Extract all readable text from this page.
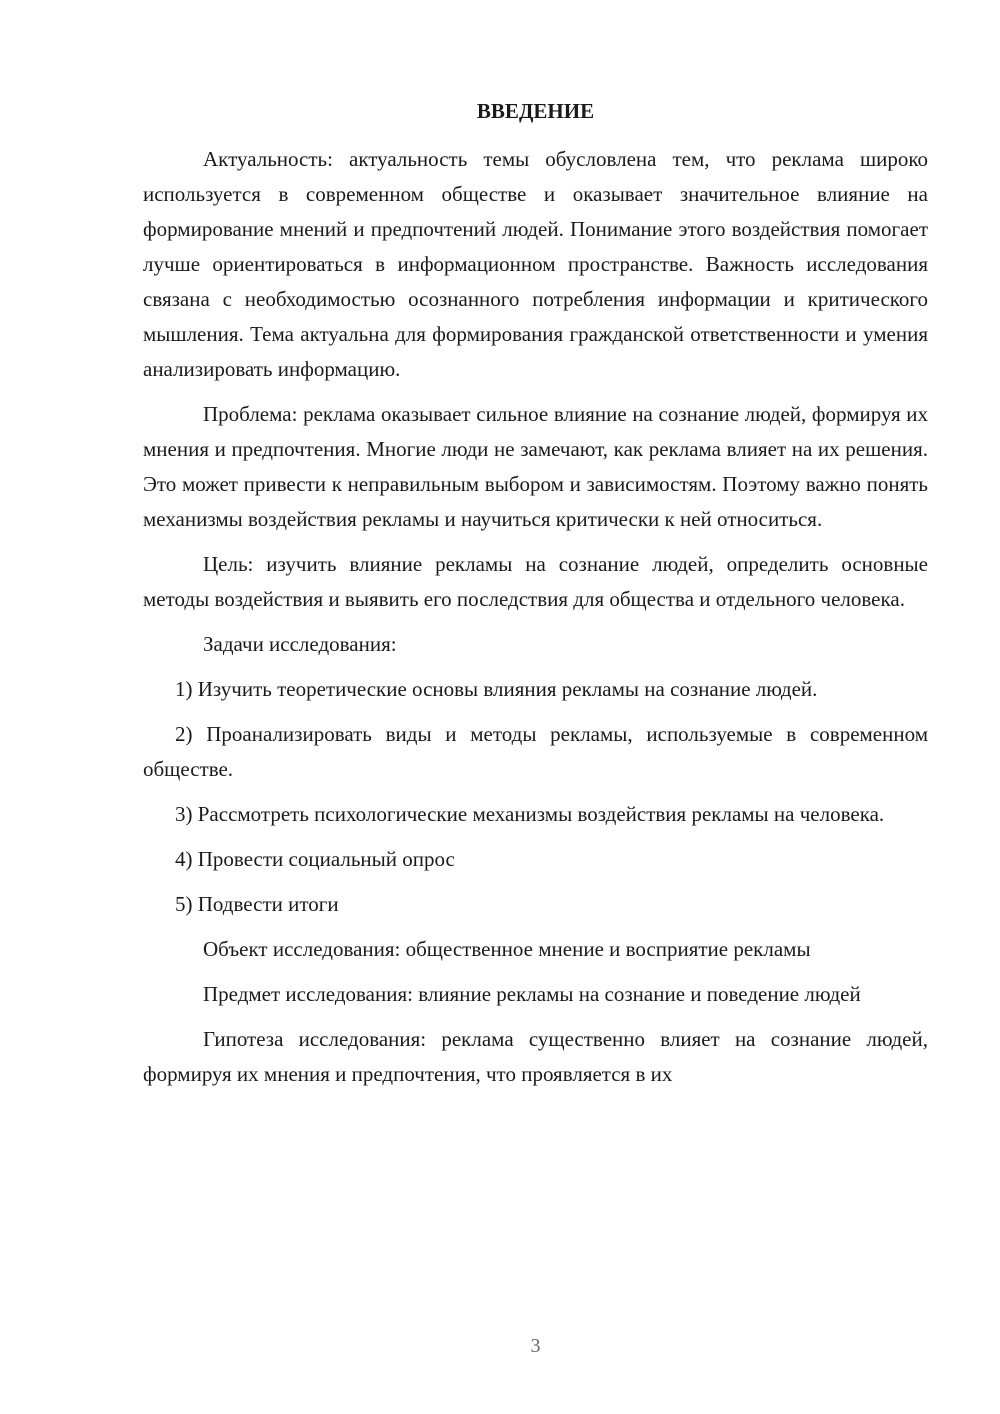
ВВЕДЕНИЕ

Актуальность: актуальность темы обусловлена тем, что реклама широко используется в современном обществе и оказывает значительное влияние на формирование мнений и предпочтений людей. Понимание этого воздействия помогает лучше ориентироваться в информационном пространстве. Важность исследования связана с необходимостью осознанного потребления информации и критического мышления. Тема актуальна для формирования гражданской ответственности и умения анализировать информацию.

Проблема: реклама оказывает сильное влияние на сознание людей, формируя их мнения и предпочтения. Многие люди не замечают, как реклама влияет на их решения. Это может привести к неправильным выбором и зависимостям. Поэтому важно понять механизмы воздействия рекламы и научиться критически к ней относиться.

Цель: изучить влияние рекламы на сознание людей, определить основные методы воздействия и выявить его последствия для общества и отдельного человека.

Задачи исследования:

1) Изучить теоретические основы влияния рекламы на сознание людей.

2) Проанализировать виды и методы рекламы, используемые в современном обществе.

3) Рассмотреть психологические механизмы воздействия рекламы на человека.

4) Провести социальный опрос

5) Подвести итоги

Объект исследования: общественное мнение и восприятие рекламы

Предмет исследования: влияние рекламы на сознание и поведение людей

Гипотеза исследования: реклама существенно влияет на сознание людей, формируя их мнения и предпочтения, что проявляется в их

3
